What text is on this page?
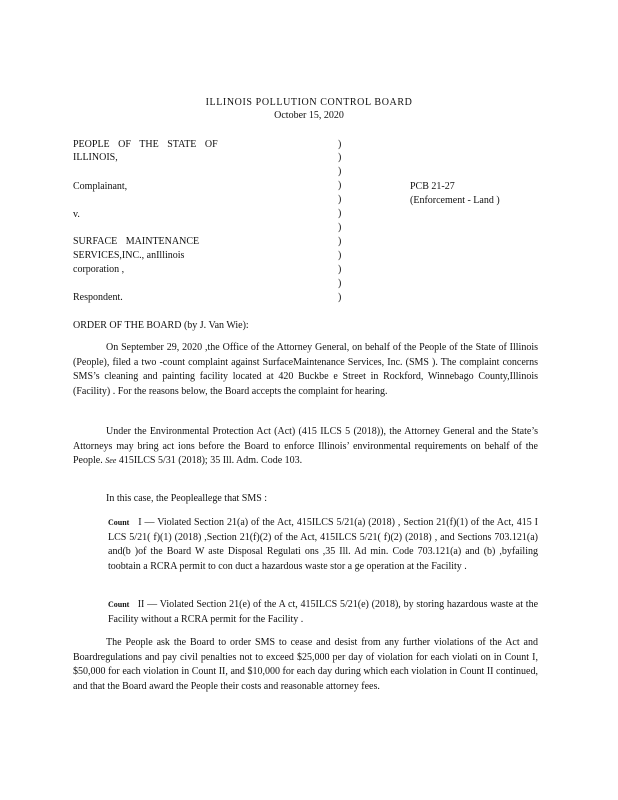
ILLINOIS POLLUTION CONTROL BOARD
October 15, 2020
PEOPLE OF THE STATE OF
ILLINOIS,
Complainant,
v.
SURFACE MAINTENANCE
SERVICES,INC., anIllinois
corporation ,
Respondent.
)
)
)
)
)
)
)
)
)
)
)
)
PCB 21-27
(Enforcement - Land )
ORDER OF THE BOARD (by J. Van Wie):
On September 29, 2020 ,the Office of the Attorney General, on behalf of the People of the State of Illinois (People), filed a two -count complaint against SurfaceMaintenance Services, Inc. (SMS ). The complaint concerns SMS’s cleaning and painting facility located at 420 Buckbe e Street in Rockford, Winnebago County,Illinois (Facility) . For the reasons below, the Board accepts the complaint for hearing.
Under the Environmental Protection Act (Act) (415 ILCS 5 (2018)), the Attorney General and the State’s Attorneys may bring act ions before the Board to enforce Illinois’ environmental requirements on behalf of the People. See 415ILCS 5/31 (2018); 35 Ill. Adm. Code 103.
In this case, the Peopleallege that SMS :
Count I — Violated Section 21(a) of the Act, 415ILCS 5/21(a) (2018) , Section 21(f)(1) of the Act, 415 I LCS 5/21( f)(1) (2018) ,Section 21(f)(2) of the Act, 415ILCS 5/21( f)(2) (2018) , and Sections 703.121(a) and(b )of the Board W aste Disposal Regulati ons ,35 Ill. Ad min. Code 703.121(a) and (b) ,byfailing toobtain a RCRA permit to con duct a hazardous waste stor a ge operation at the Facility .
Count II — Violated Section 21(e) of the A ct, 415ILCS 5/21(e) (2018), by storing hazardous waste at the Facility without a RCRA permit for the Facility .
The People ask the Board to order SMS to cease and desist from any further violations of the Act and Boardregulations and pay civil penalties not to exceed $25,000 per day of violation for each violati on in Count I, $50,000 for each violation in Count II, and $10,000 for each day during which each violation in Count II continued, and that the Board award the People their costs and reasonable attorney fees.
